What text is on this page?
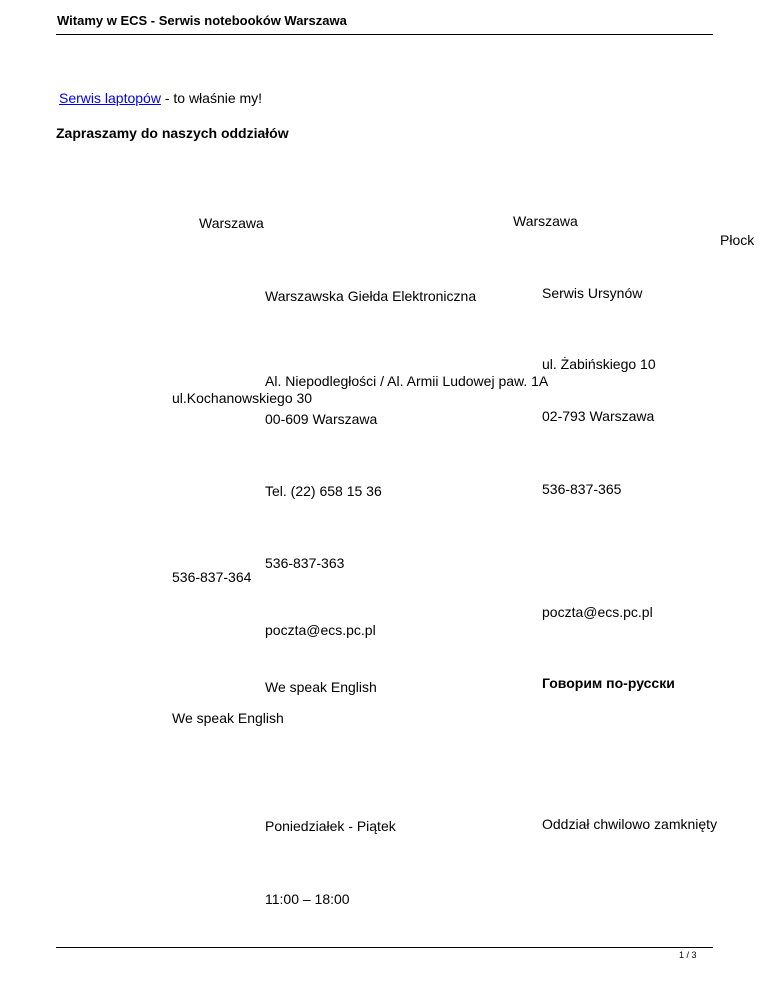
Witamy w ECS - Serwis notebooków Warszawa
Serwis laptopów - to właśnie my!
Zapraszamy do naszych oddziałów
Warszawa
Warszawska Giełda Elektroniczna
Al. Niepodległości / Al. Armii Ludowej paw. 1A
00-609 Warszawa
Tel. (22) 658 15 36
536-837-363
poczta@ecs.pc.pl
We speak English
Poniedziałek - Piątek
11:00 – 18:00
Warszawa
Serwis Ursynów
ul. Żabińskiego 10
02-793 Warszawa
536-837-365
poczta@ecs.pc.pl
Говорим по-русски
Oddział chwilowo zamknięty
Płock
ul.Kochanowskiego 30
536-837-364
We speak English
1 / 3
